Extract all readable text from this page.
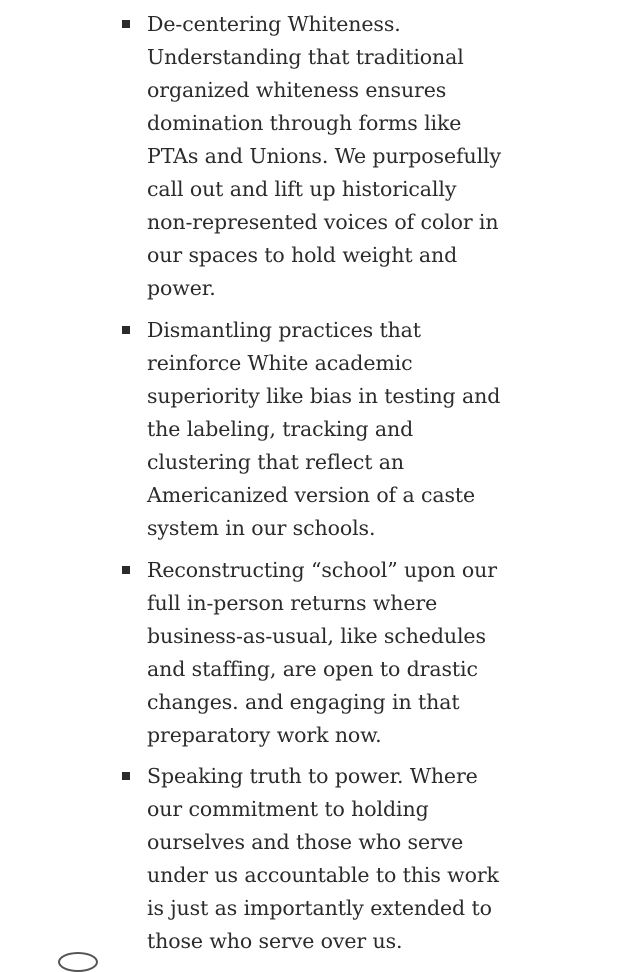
De-centering Whiteness.
Understanding that traditional
organized whiteness ensures
domination through forms like
PTAs and Unions. We purposefully
call out and lift up historically
non-represented voices of color in
our spaces to hold weight and
power.
Dismantling practices that
reinforce White academic
superiority like bias in testing and
the labeling, tracking and
clustering that reflect an
Americanized version of a caste
system in our schools.
Reconstructing “school” upon our
full in-person returns where
business-as-usual, like schedules
and staffing, are open to drastic
changes. and engaging in that
preparatory work now.
Speaking truth to power. Where
our commitment to holding
ourselves and those who serve
under us accountable to this work
is just as importantly extended to
those who serve over us.
